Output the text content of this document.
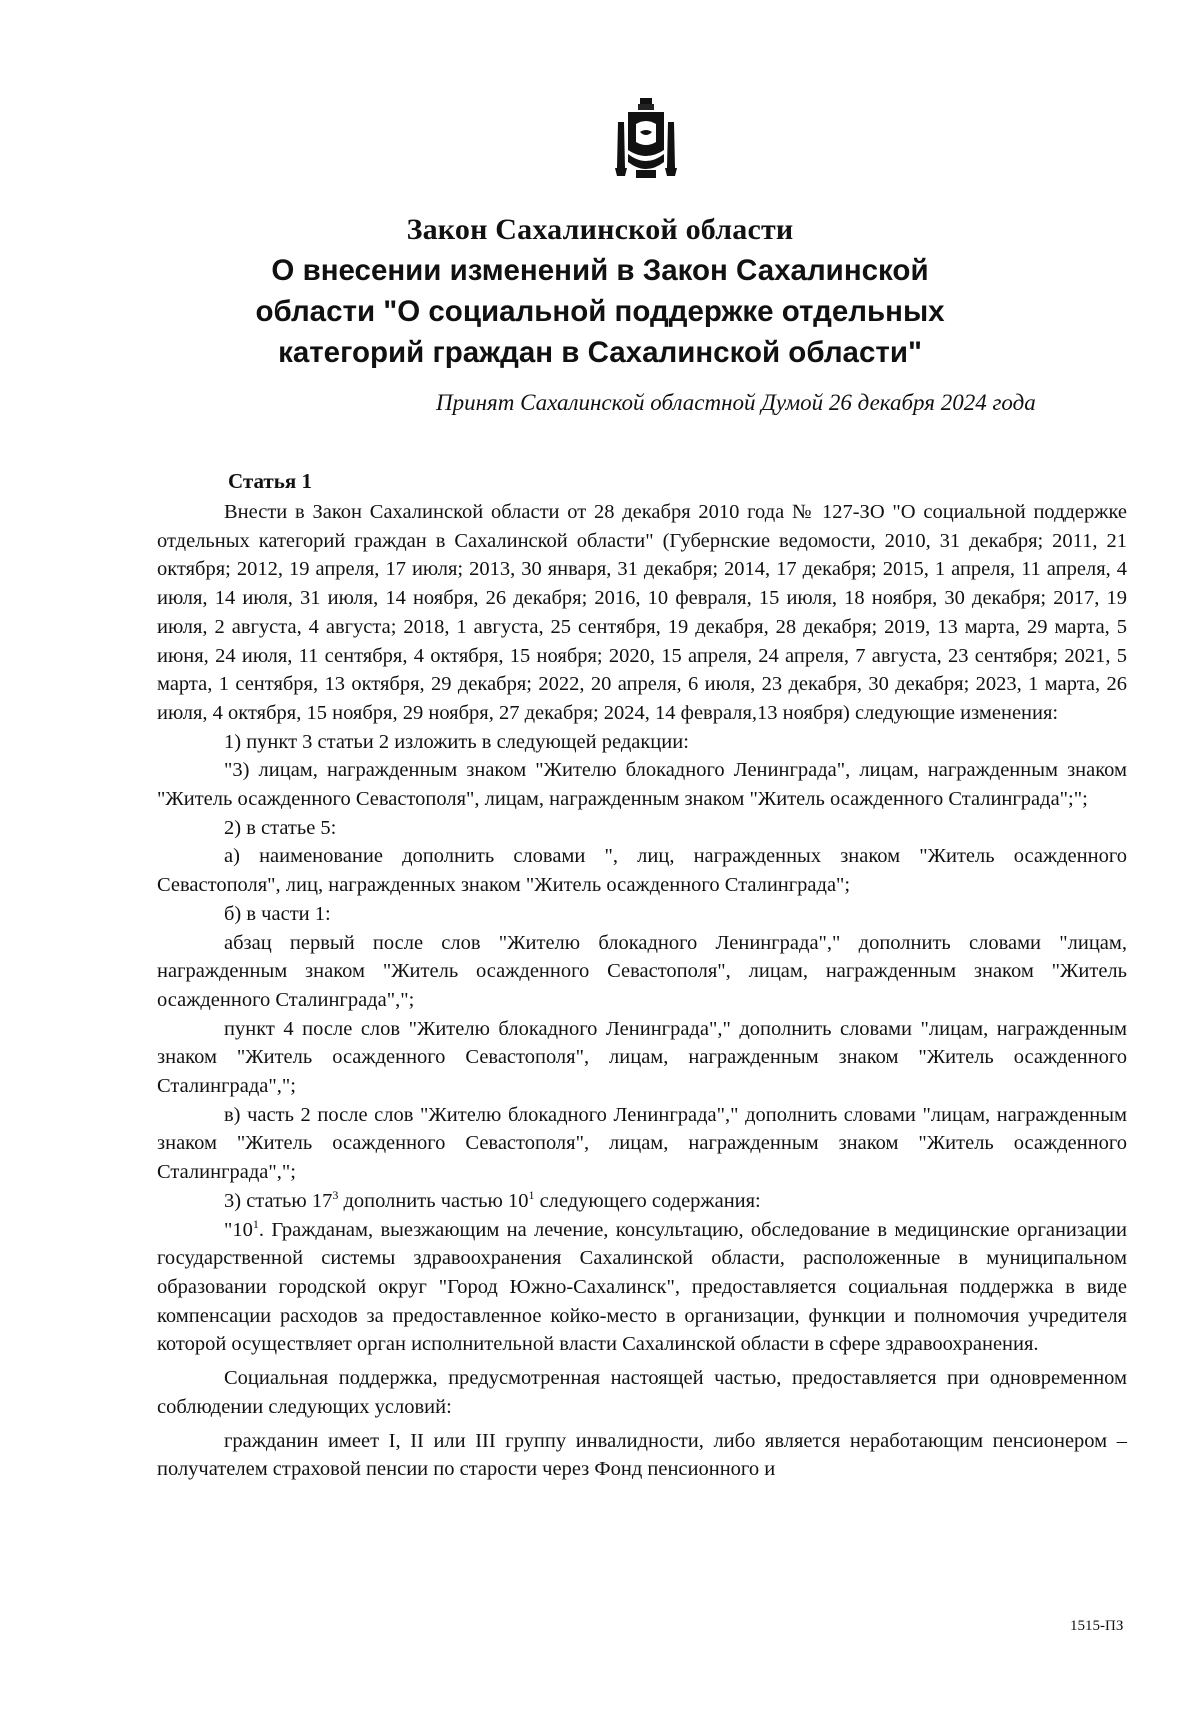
Закон Сахалинской области
О внесении изменений в Закон Сахалинской
области "О социальной поддержке отдельных
категорий граждан в Сахалинской области"
Принят Сахалинской областной Думой 26 декабря 2024 года
Статья 1

Внести в Закон Сахалинской области от 28 декабря 2010 года № 127-ЗО "О социальной поддержке отдельных категорий граждан в Сахалинской области" (Губернские ведомости, 2010, 31 декабря; 2011, 21 октября; 2012, 19 апреля, 17 июля; 2013, 30 января, 31 декабря; 2014, 17 декабря; 2015, 1 апреля, 11 апреля, 4 июля, 14 июля, 31 июля, 14 ноября, 26 декабря; 2016, 10 февраля, 15 июля, 18 ноября, 30 декабря; 2017, 19 июля, 2 августа, 4 августа; 2018, 1 августа, 25 сентября, 19 декабря, 28 декабря; 2019, 13 марта, 29 марта, 5 июня, 24 июля, 11 сентября, 4 октября, 15 ноября; 2020, 15 апреля, 24 апреля, 7 августа, 23 сентября; 2021, 5 марта, 1 сентября, 13 октября, 29 декабря; 2022, 20 апреля, 6 июля, 23 декабря, 30 декабря; 2023, 1 марта, 26 июля, 4 октября, 15 ноября, 29 ноября, 27 декабря; 2024, 14 февраля,13 ноября) следующие изменения:

1) пункт 3 статьи 2 изложить в следующей редакции:

"3) лицам, награжденным знаком "Жителю блокадного Ленинграда", лицам, награжденным знаком "Житель осажденного Севастополя", лицам, награжденным знаком "Житель осажденного Сталинграда";";

2) в статье 5:

а) наименование дополнить словами ", лиц, награжденных знаком "Житель осажденного Севастополя", лиц, награжденных знаком "Житель осажденного Сталинграда";

б) в части 1:

абзац первый после слов "Жителю блокадного Ленинграда"," дополнить словами "лицам, награжденным знаком "Житель осажденного Севастополя", лицам, награжденным знаком "Житель осажденного Сталинграда",";

пункт 4 после слов "Жителю блокадного Ленинграда"," дополнить словами "лицам, награжденным знаком "Житель осажденного Севастополя", лицам, награжденным знаком "Житель осажденного Сталинграда",";

в) часть 2 после слов "Жителю блокадного Ленинграда"," дополнить словами "лицам, награжденным знаком "Житель осажденного Севастополя", лицам, награжденным знаком "Житель осажденного Сталинграда",";

3) статью $17^3$ дополнить частью $10^1$ следующего содержания:

"$10^1$. Гражданам, выезжающим на лечение, консультацию, обследование в медицинские организации государственной системы здравоохранения Сахалинской области, расположенные в муниципальном образовании городской округ "Город Южно-Сахалинск", предоставляется социальная поддержка в виде компенсации расходов за предоставленное койко-место в организации, функции и полномочия учредителя которой осуществляет орган исполнительной власти Сахалинской области в сфере здравоохранения.

Социальная поддержка, предусмотренная настоящей частью, предоставляется при одновременном соблюдении следующих условий:

гражданин имеет I, II или III группу инвалидности, либо является неработающим пенсионером – получателем страховой пенсии по старости через Фонд пенсионного и

1515-ПЗ
